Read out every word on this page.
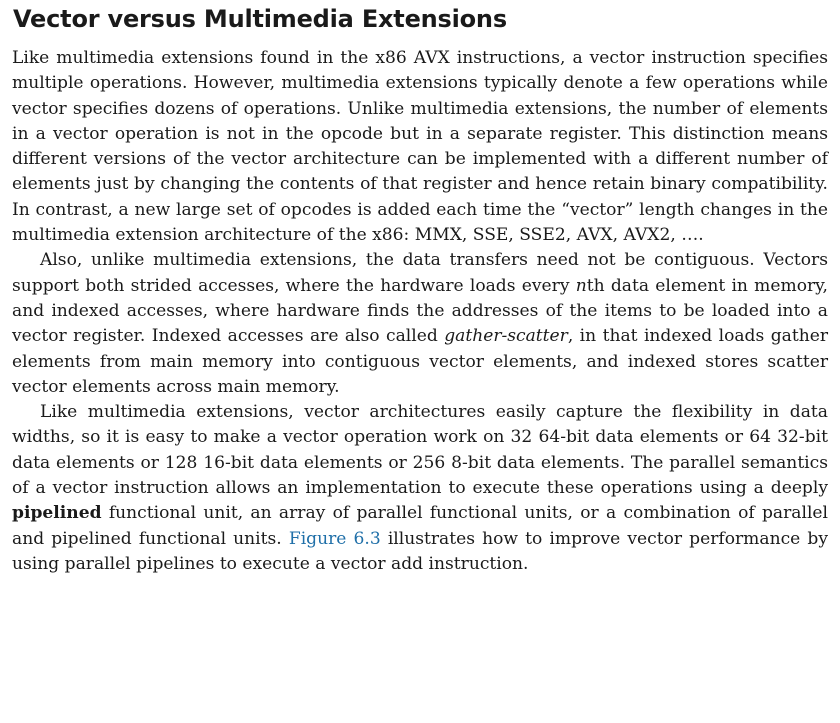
Vector versus Multimedia Extensions

Like multimedia extensions found in the x86 AVX instructions, a vector instruction specifies multiple operations. However, multimedia extensions typically denote a few operations while vector specifies dozens of operations. Unlike multimedia extensions, the number of elements in a vector operation is not in the opcode but in a separate register. This distinction means different versions of the vector architecture can be implemented with a different number of elements just by changing the contents of that register and hence retain binary compatibility. In contrast, a new large set of opcodes is added each time the “vector” length changes in the multimedia extension architecture of the x86: MMX, SSE, SSE2, AVX, AVX2, ….

Also, unlike multimedia extensions, the data transfers need not be contiguous. Vectors support both strided accesses, where the hardware loads every nth data element in memory, and indexed accesses, where hardware finds the addresses of the items to be loaded into a vector register. Indexed accesses are also called gather-scatter, in that indexed loads gather elements from main memory into contiguous vector elements, and indexed stores scatter vector elements across main memory.

Like multimedia extensions, vector architectures easily capture the flexibility in data widths, so it is easy to make a vector operation work on 32 64-bit data elements or 64 32-bit data elements or 128 16-bit data elements or 256 8-bit data elements. The parallel semantics of a vector instruction allows an implementation to execute these operations using a deeply pipelined functional unit, an array of parallel functional units, or a combination of parallel and pipelined functional units. Figure 6.3 illustrates how to improve vector performance by using parallel pipelines to execute a vector add instruction.
